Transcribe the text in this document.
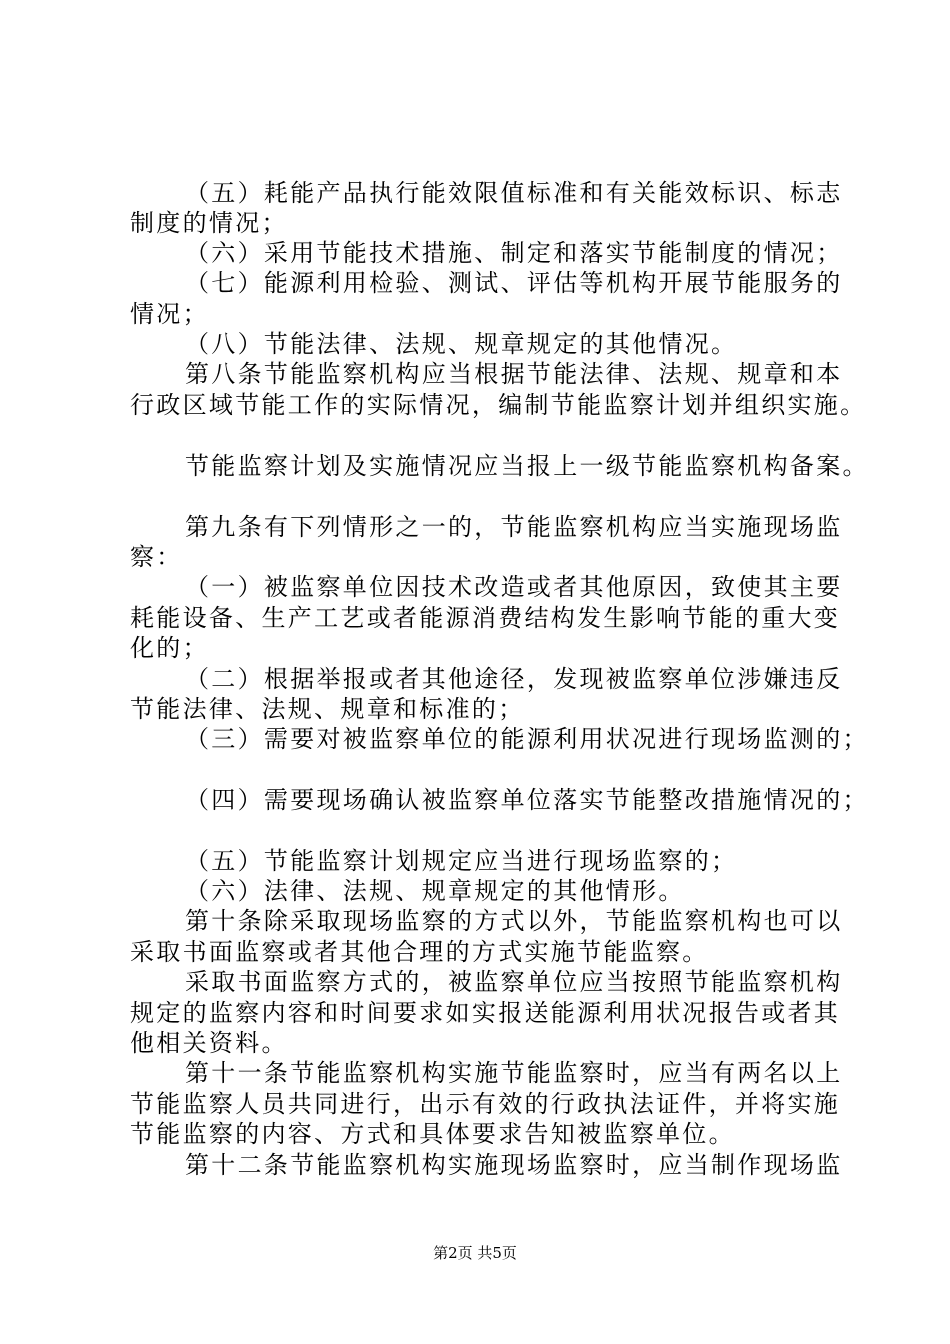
（五）耗能产品执行能效限值标准和有关能效标识、标志
制度的情况；
（六）采用节能技术措施、制定和落实节能制度的情况；
（七）能源利用检验、测试、评估等机构开展节能服务的
情况；
（八）节能法律、法规、规章规定的其他情况。
第八条节能监察机构应当根据节能法律、法规、规章和本
行政区域节能工作的实际情况，编制节能监察计划并组织实施。
节能监察计划及实施情况应当报上一级节能监察机构备案。
第九条有下列情形之一的，节能监察机构应当实施现场监
察：
（一）被监察单位因技术改造或者其他原因，致使其主要
耗能设备、生产工艺或者能源消费结构发生影响节能的重大变
化的；
（二）根据举报或者其他途径，发现被监察单位涉嫌违反
节能法律、法规、规章和标准的；
（三）需要对被监察单位的能源利用状况进行现场监测的；
（四）需要现场确认被监察单位落实节能整改措施情况的；
（五）节能监察计划规定应当进行现场监察的；
（六）法律、法规、规章规定的其他情形。
第十条除采取现场监察的方式以外，节能监察机构也可以
采取书面监察或者其他合理的方式实施节能监察。
采取书面监察方式的，被监察单位应当按照节能监察机构
规定的监察内容和时间要求如实报送能源利用状况报告或者其
他相关资料。
第十一条节能监察机构实施节能监察时，应当有两名以上
节能监察人员共同进行，出示有效的行政执法证件，并将实施
节能监察的内容、方式和具体要求告知被监察单位。
第十二条节能监察机构实施现场监察时，应当制作现场监
第2页 共5页
